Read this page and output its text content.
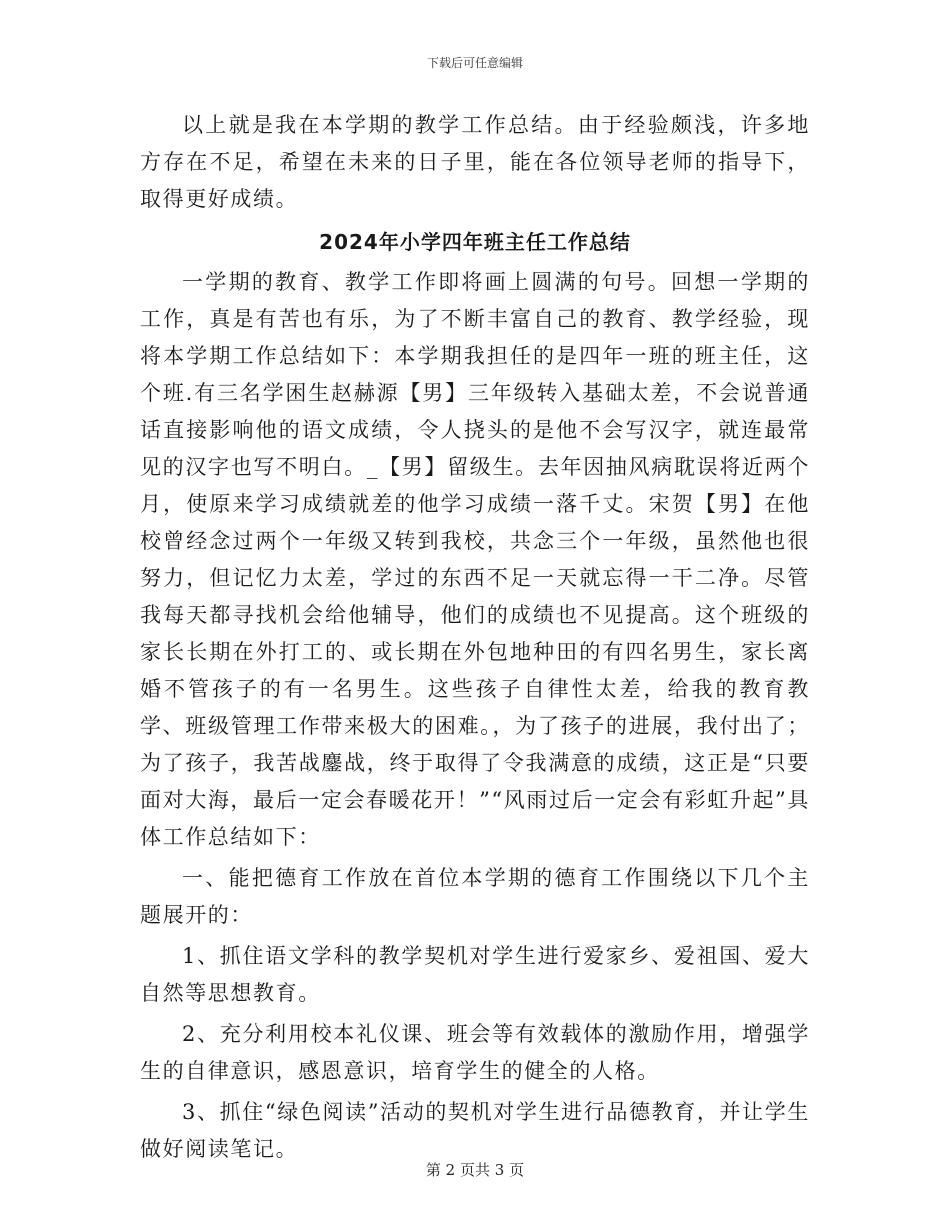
下载后可任意编辑

以上就是我在本学期的教学工作总结。由于经验颇浅，许多地方存在不足，希望在未来的日子里，能在各位领导老师的指导下，取得更好成绩。

2024年小学四年班主任工作总结

一学期的教育、教学工作即将画上圆满的句号。回想一学期的工作，真是有苦也有乐，为了不断丰富自己的教育、教学经验，现将本学期工作总结如下：本学期我担任的是四年一班的班主任，这个班.有三名学困生赵赫源【男】三年级转入基础太差，不会说普通话直接影响他的语文成绩，令人挠头的是他不会写汉字，就连最常见的汉字也写不明白。_【男】留级生。去年因抽风病耽误将近两个月，使原来学习成绩就差的他学习成绩一落千丈。宋贺【男】在他校曾经念过两个一年级又转到我校，共念三个一年级，虽然他也很努力，但记忆力太差，学过的东西不足一天就忘得一干二净。尽管我每天都寻找机会给他辅导，他们的成绩也不见提高。这个班级的家长长期在外打工的、或长期在外包地种田的有四名男生，家长离婚不管孩子的有一名男生。这些孩子自律性太差，给我的教育教学、班级管理工作带来极大的困难。，为了孩子的进展，我付出了；为了孩子，我苦战鏖战，终于取得了令我满意的成绩，这正是“只要面对大海，最后一定会春暖花开！”“风雨过后一定会有彩虹升起”具体工作总结如下：

一、能把德育工作放在首位本学期的德育工作围绕以下几个主题展开的：

1、抓住语文学科的教学契机对学生进行爱家乡、爱祖国、爱大自然等思想教育。

2、充分利用校本礼仪课、班会等有效载体的激励作用，增强学生的自律意识，感恩意识，培育学生的健全的人格。

3、抓住“绿色阅读”活动的契机对学生进行品德教育，并让学生做好阅读笔记。

第 2 页共 3 页
